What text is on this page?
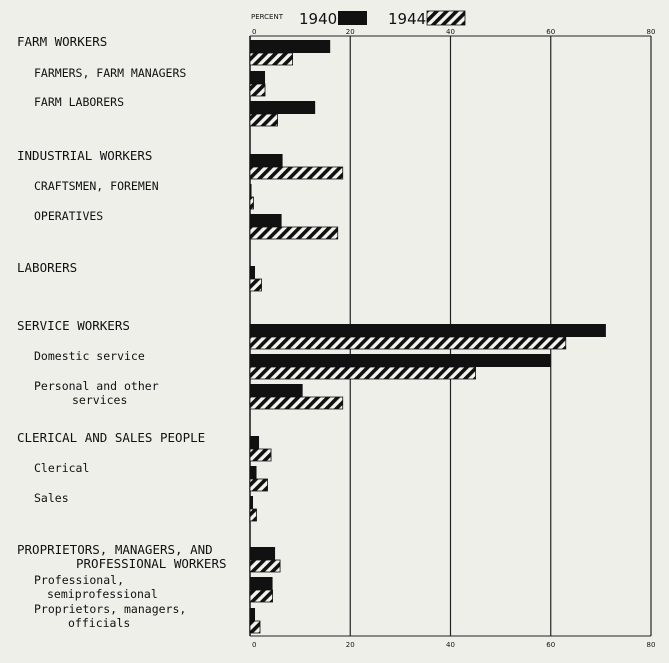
0
0
20
20
40
40
60
60
80
80
PERCENT
FARM WORKERS
FARMERS, FARM MANAGERS
FARM LABORERS
INDUSTRIAL WORKERS
CRAFTSMEN, FOREMEN
OPERATIVES
LABORERS
SERVICE WORKERS
Domestic service
Personal and other
services
CLERICAL AND SALES PEOPLE
Clerical
Sales
PROPRIETORS, MANAGERS, AND
PROFESSIONAL WORKERS
Professional,
semiprofessional
Proprietors, managers,
officials
1940	1944
